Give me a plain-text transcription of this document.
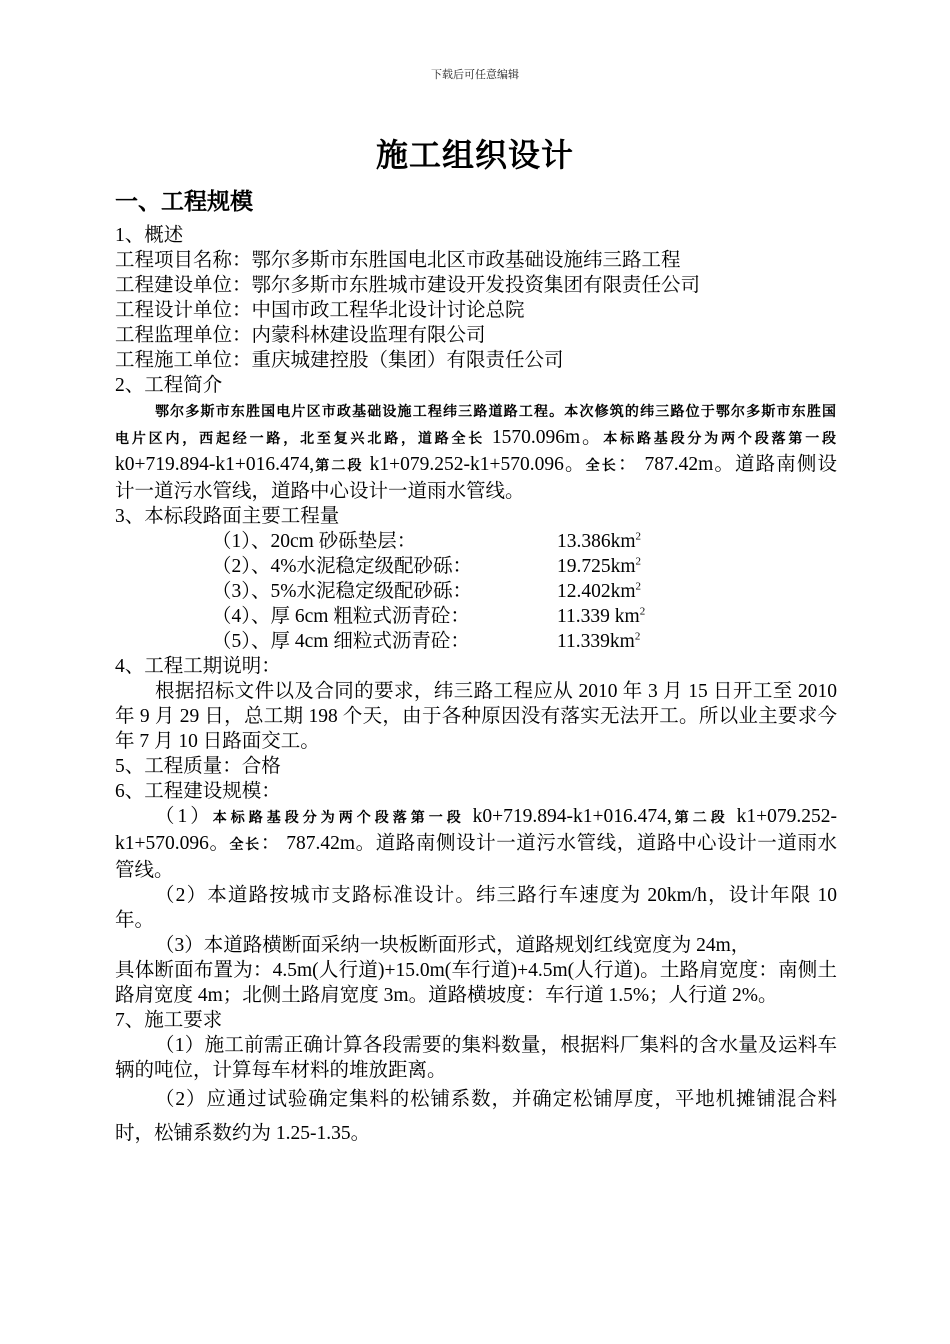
下载后可任意编辑
施工组织设计
一、工程规模

1、概述

工程项目名称：鄂尔多斯市东胜国电北区市政基础设施纬三路工程

工程建设单位：鄂尔多斯市东胜城市建设开发投资集团有限责任公司

工程设计单位：中国市政工程华北设计讨论总院

工程监理单位：内蒙科林建设监理有限公司

工程施工单位：重庆城建控股（集团）有限责任公司

2、工程简介

鄂尔多斯市东胜国电片区市政基础设施工程纬三路道路工程。本次修筑的纬三路位于鄂尔多斯市东胜国电片区内，西起经一路，北至复兴北路，道路全长 1570.096m。本标路基段分为两个段落第一段 k0+719.894-k1+016.474,第二段 k1+079.252-k1+570.096。全长： 787.42m。道路南侧设计一道污水管线，道路中心设计一道雨水管线。

3、本标段路面主要工程量

（1）、20cm 砂砾垫层：	$13.386km^2$
（2）、4%水泥稳定级配砂砾：	$19.725km^2$
（3）、5%水泥稳定级配砂砾：	$12.402km^2$
（4）、厚 6cm 粗粒式沥青砼：	11.339 $km^2$
（5）、厚 4cm 细粒式沥青砼：	$11.339km^2$

4、工程工期说明：

根据招标文件以及合同的要求，纬三路工程应从 2010 年 3 月 15 日开工至 2010 年 9 月 29 日，总工期 198 个天，由于各种原因没有落实无法开工。所以业主要求今年 7 月 10 日路面交工。

5、工程质量：合格

6、工程建设规模：

（1）本标路基段分为两个段落第一段 k0+719.894-k1+016.474,第二段 k1+079.252-k1+570.096。全长： 787.42m。道路南侧设计一道污水管线，道路中心设计一道雨水管线。

（2）本道路按城市支路标准设计。纬三路行车速度为 20km/h，设计年限 10 年。

（3）本道路横断面采纳一块板断面形式，道路规划红线宽度为 24m，

具体断面布置为：4.5m(人行道)+15.0m(车行道)+4.5m(人行道)。土路肩宽度：南侧土路肩宽度 4m；北侧土路肩宽度 3m。道路横坡度：车行道 1.5%；人行道 2%。

7、施工要求

（1）施工前需正确计算各段需要的集料数量，根据料厂集料的含水量及运料车辆的吨位，计算每车材料的堆放距离。

（2）应通过试验确定集料的松铺系数，并确定松铺厚度，平地机摊铺混合料时，松铺系数约为 1.25-1.35。
